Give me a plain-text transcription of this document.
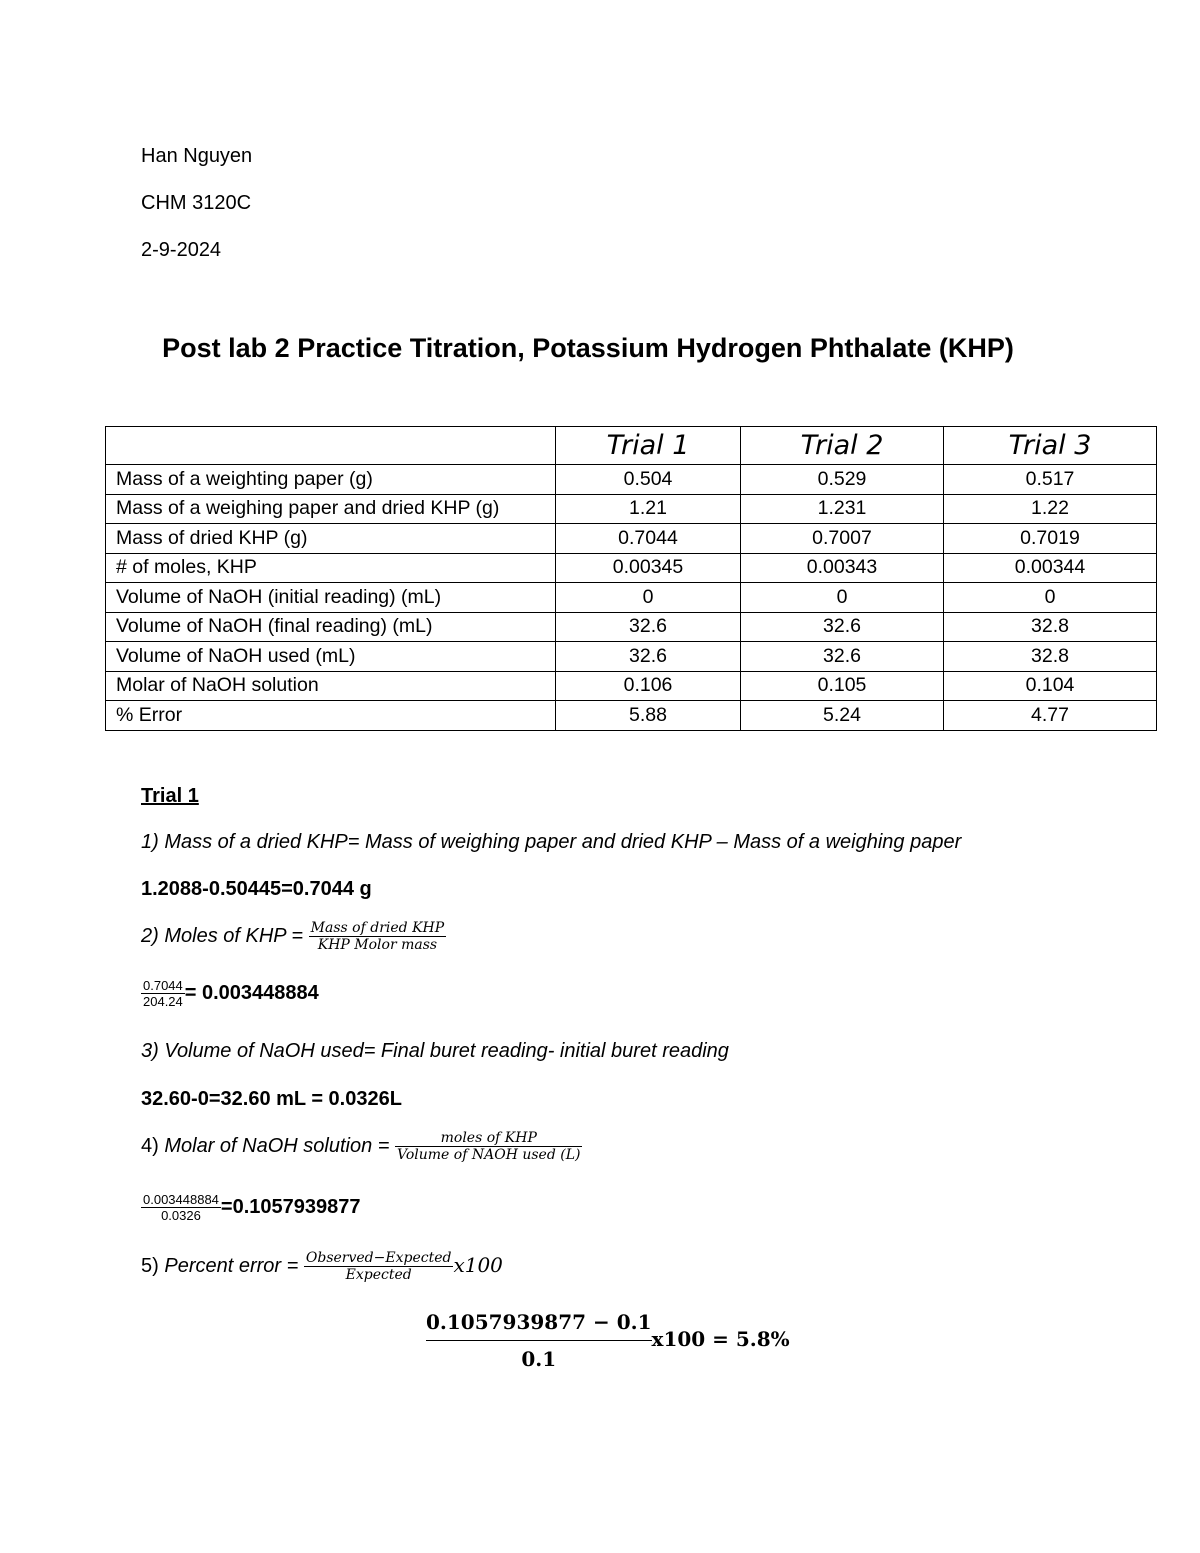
Han Nguyen
CHM 3120C
2-9-2024
Post lab 2 Practice Titration, Potassium Hydrogen Phthalate (KHP)
	Trial 1	Trial 2	Trial 3
Mass of a weighting paper (g)	0.504	0.529	0.517
Mass of a weighing paper and dried KHP (g)	1.21	1.231	1.22
Mass of dried KHP (g)	0.7044	0.7007	0.7019
# of moles, KHP	0.00345	0.00343	0.00344
Volume of NaOH (initial reading) (mL)	0	0	0
Volume of NaOH (final reading) (mL)	32.6	32.6	32.8
Volume of NaOH used (mL)	32.6	32.6	32.8
Molar of NaOH solution	0.106	0.105	0.104
% Error	5.88	5.24	4.77
Trial 1
1) Mass of a dried KHP= Mass of weighing paper and dried KHP – Mass of a weighing paper
1.2088-0.50445=0.7044 g
2) Moles of KHP = $\frac{\text{Mass of dried KHP}}{\text{KHP Molor mass}}$
$\frac{0.7044}{204.24} = 0.003448884$
3) Volume of NaOH used= Final buret reading- initial buret reading
32.60-0=32.60 mL = 0.0326L
4) Molar of NaOH solution = $\frac{\text{moles of KHP}}{\text{Volume of NAOH used (L)}}$
$\frac{0.003448884}{0.0326} =0.1057939877$
5) Percent error = $\frac{\text{Observed−Expected}}{\text{Expected}} x100$
$\frac{0.1057939877 - 0.1}{0.1} x100 = 5.8\%$
